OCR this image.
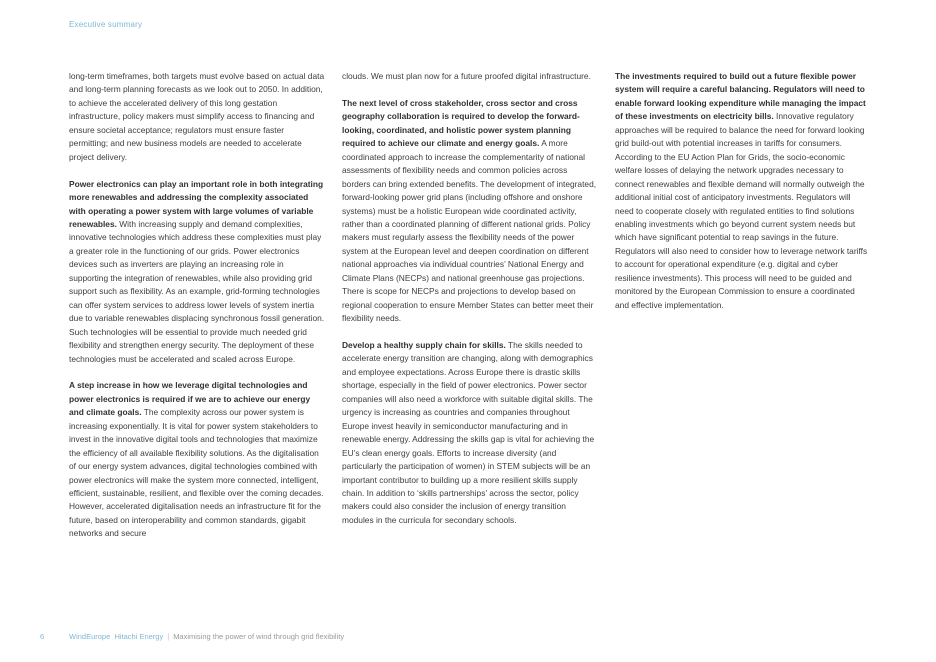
Executive summary

long-term timeframes, both targets must evolve based on actual data and long-term planning forecasts as we look out to 2050. In addition, to achieve the accelerated delivery of this long gestation infrastructure, policy makers must simplify access to financing and ensure societal acceptance; regulators must ensure faster permitting; and new business models are needed to accelerate project delivery.

Power electronics can play an important role in both integrating more renewables and addressing the complexity associated with operating a power system with large volumes of variable renewables. With increasing supply and demand complexities, innovative technologies which address these complexities must play a greater role in the functioning of our grids. Power electronics devices such as inverters are playing an increasing role in supporting the integration of renewables, while also providing grid support such as flexibility. As an example, grid-forming technologies can offer system services to address lower levels of system inertia due to variable renewables displacing synchronous fossil generation. Such technologies will be essential to provide much needed grid flexibility and strengthen energy security. The deployment of these technologies must be accelerated and scaled across Europe.

A step increase in how we leverage digital technologies and power electronics is required if we are to achieve our energy and climate goals. The complexity across our power system is increasing exponentially. It is vital for power system stakeholders to invest in the innovative digital tools and technologies that maximize the efficiency of all available flexibility solutions. As the digitalisation of our energy system advances, digital technologies combined with power electronics will make the system more connected, intelligent, efficient, sustainable, resilient, and flexible over the coming decades. However, accelerated digitalisation needs an infrastructure fit for the future, based on interoperability and common standards, gigabit networks and secure

clouds. We must plan now for a future proofed digital infrastructure.

The next level of cross stakeholder, cross sector and cross geography collaboration is required to develop the forward-looking, coordinated, and holistic power system planning required to achieve our climate and energy goals. A more coordinated approach to increase the complementarity of national assessments of flexibility needs and common policies across borders can bring extended benefits. The development of integrated, forward-looking power grid plans (including offshore and onshore systems) must be a holistic European wide coordinated activity, rather than a coordinated planning of different national grids. Policy makers must regularly assess the flexibility needs of the power system at the European level and deepen coordination on different national approaches via individual countries’ National Energy and Climate Plans (NECPs) and national greenhouse gas projections. There is scope for NECPs and projections to develop based on regional cooperation to ensure Member States can better meet their flexibility needs.

Develop a healthy supply chain for skills. The skills needed to accelerate energy transition are changing, along with demographics and employee expectations. Across Europe there is drastic skills shortage, especially in the field of power electronics. Power sector companies will also need a workforce with suitable digital skills. The urgency is increasing as countries and companies throughout Europe invest heavily in semiconductor manufacturing and in renewable energy. Addressing the skills gap is vital for achieving the EU’s clean energy goals. Efforts to increase diversity (and particularly the participation of women) in STEM subjects will be an important contributor to building up a more resilient skills supply chain. In addition to ‘skills partnerships’ across the sector, policy makers could also consider the inclusion of energy transition modules in the curricula for secondary schools.

The investments required to build out a future flexible power system will require a careful balancing. Regulators will need to enable forward looking expenditure while managing the impact of these investments on electricity bills. Innovative regulatory approaches will be required to balance the need for forward looking grid build-out with potential increases in tariffs for consumers. According to the EU Action Plan for Grids, the socio-economic welfare losses of delaying the network upgrades necessary to connect renewables and flexible demand will normally outweigh the additional initial cost of anticipatory investments. Regulators will need to cooperate closely with regulated entities to find solutions enabling investments which go beyond current system needs but which have significant potential to reap savings in the future. Regulators will also need to consider how to leverage network tariffs to account for operational expenditure (e.g. digital and cyber resilience investments). This process will need to be guided and monitored by the European Commission to ensure a coordinated and effective implementation.

6	WindEurope Hitachi Energy | Maximising the power of wind through grid flexibility
